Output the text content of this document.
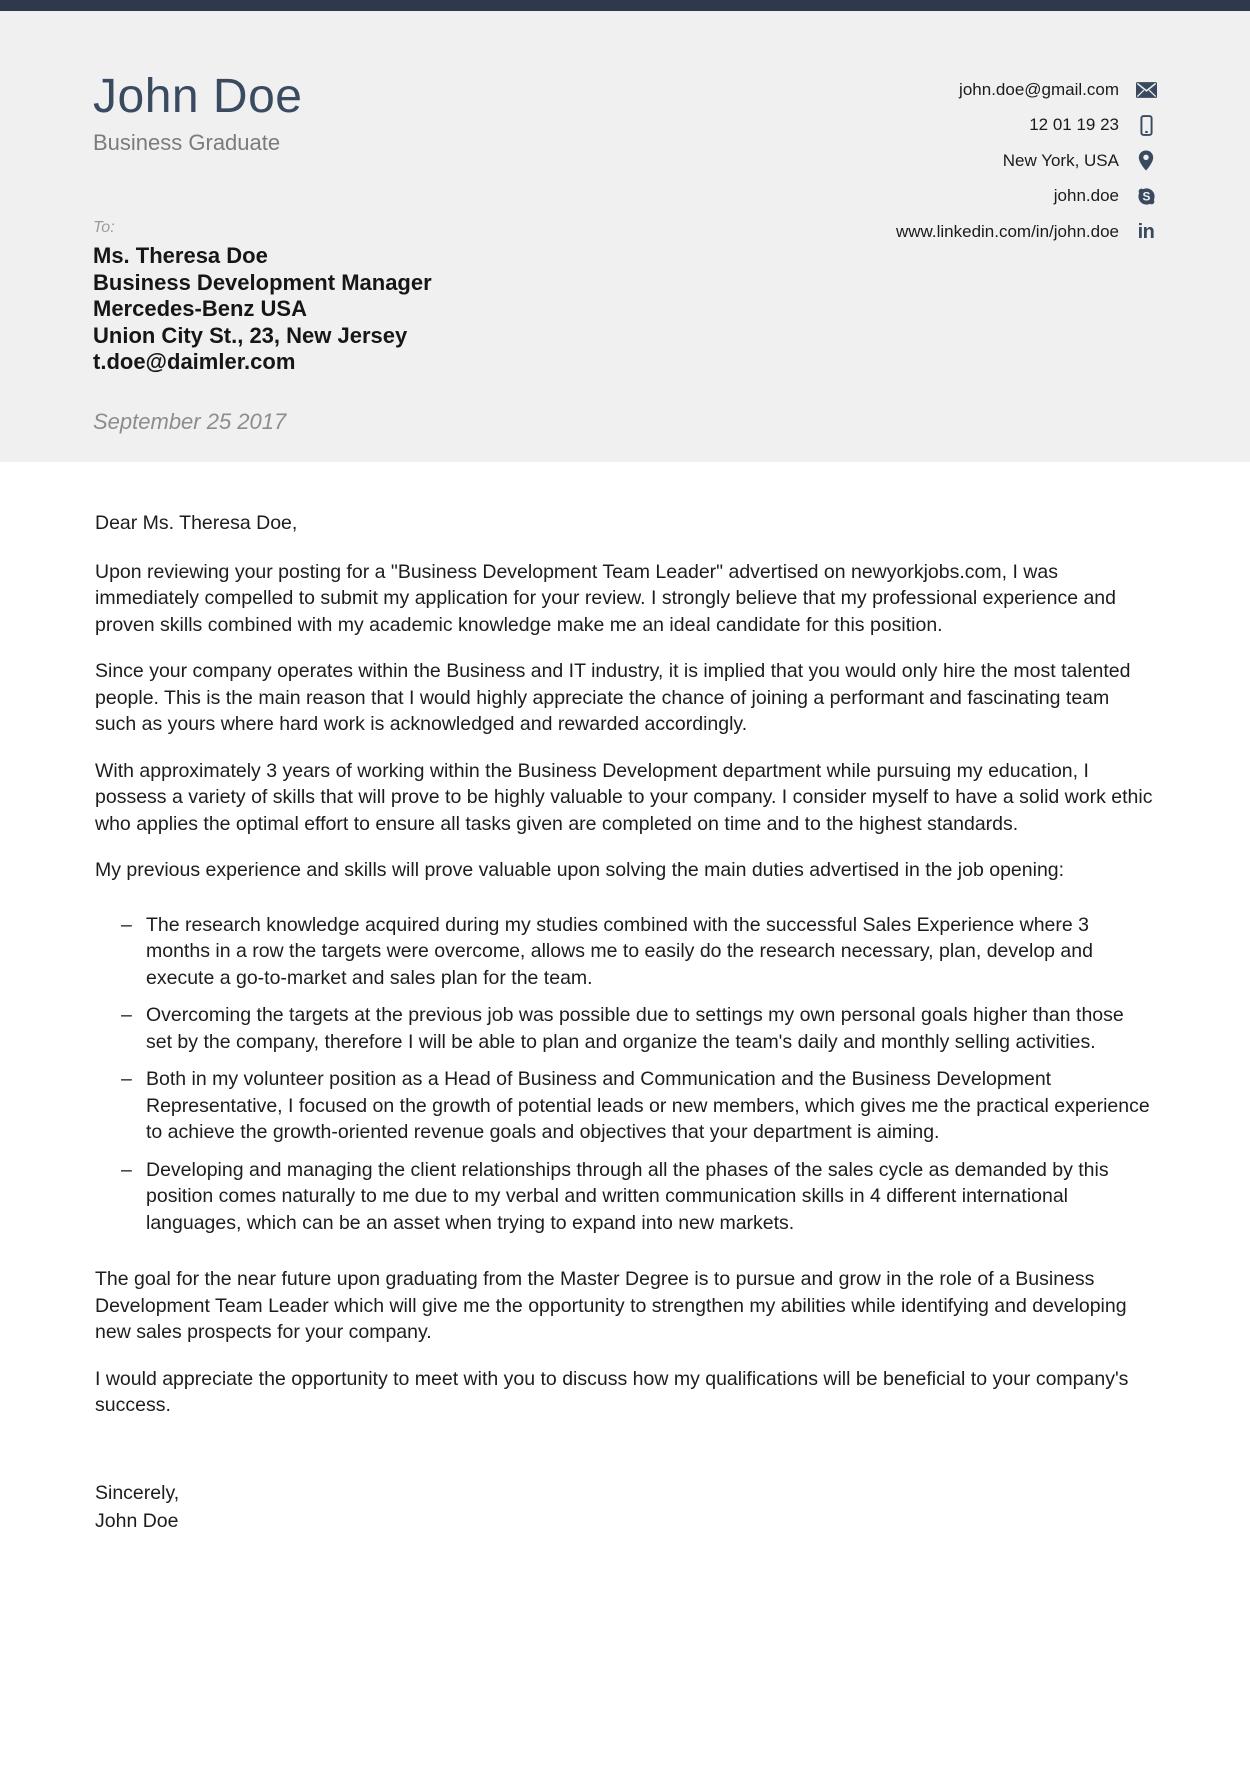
John Doe
Business Graduate
john.doe@gmail.com
12 01 19 23
New York, USA
john.doe S
www.linkedin.com/in/john.doe in
To:
Ms. Theresa Doe
Business Development Manager
Mercedes-Benz USA
Union City St., 23, New Jersey
t.doe@daimler.com
September 25 2017

Dear Ms. Theresa Doe,

Upon reviewing your posting for a "Business Development Team Leader" advertised on newyorkjobs.com, I was immediately compelled to submit my application for your review. I strongly believe that my professional experience and proven skills combined with my academic knowledge make me an ideal candidate for this position.

Since your company operates within the Business and IT industry, it is implied that you would only hire the most talented people. This is the main reason that I would highly appreciate the chance of joining a performant and fascinating team such as yours where hard work is acknowledged and rewarded accordingly.

With approximately 3 years of working within the Business Development department while pursuing my education, I possess a variety of skills that will prove to be highly valuable to your company. I consider myself to have a solid work ethic who applies the optimal effort to ensure all tasks given are completed on time and to the highest standards.

My previous experience and skills will prove valuable upon solving the main duties advertised in the job opening:

– The research knowledge acquired during my studies combined with the successful Sales Experience where 3 months in a row the targets were overcome, allows me to easily do the research necessary, plan, develop and execute a go-to-market and sales plan for the team.
– Overcoming the targets at the previous job was possible due to settings my own personal goals higher than those set by the company, therefore I will be able to plan and organize the team's daily and monthly selling activities.
– Both in my volunteer position as a Head of Business and Communication and the Business Development Representative, I focused on the growth of potential leads or new members, which gives me the practical experience to achieve the growth-oriented revenue goals and objectives that your department is aiming.
– Developing and managing the client relationships through all the phases of the sales cycle as demanded by this position comes naturally to me due to my verbal and written communication skills in 4 different international languages, which can be an asset when trying to expand into new markets.

The goal for the near future upon graduating from the Master Degree is to pursue and grow in the role of a Business Development Team Leader which will give me the opportunity to strengthen my abilities while identifying and developing new sales prospects for your company.

I would appreciate the opportunity to meet with you to discuss how my qualifications will be beneficial to your company's success.

Sincerely,
John Doe
